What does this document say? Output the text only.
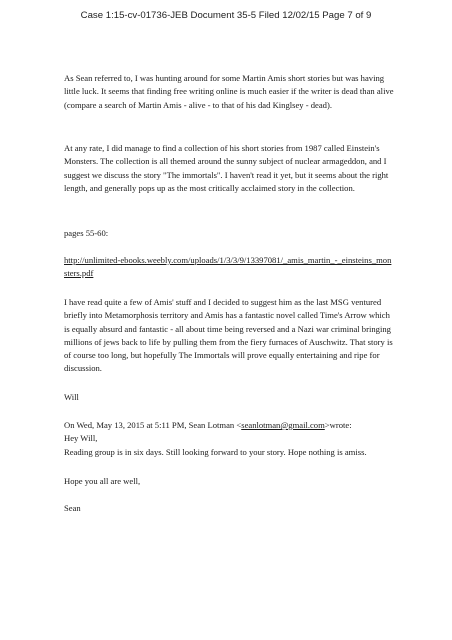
Case 1:15-cv-01736-JEB Document 35-5 Filed 12/02/15 Page 7 of 9

As Sean referred to, I was hunting around for some Martin Amis short stories but was having little luck. It seems that finding free writing online is much easier if the writer is dead than alive (compare a search of Martin Amis - alive - to that of his dad Kinglsey - dead).

At any rate, I did manage to find a collection of his short stories from 1987 called Einstein's Monsters. The collection is all themed around the sunny subject of nuclear armageddon, and I suggest we discuss the story "The immortals". I haven't read it yet, but it seems about the right length, and generally pops up as the most critically acclaimed story in the collection.

pages 55-60:

http://unlimited-ebooks.weebly.com/uploads/1/3/3/9/13397081/_amis_martin_-_einsteins_monsters.pdf

I have read quite a few of Amis' stuff and I decided to suggest him as the last MSG ventured briefly into Metamorphosis territory and Amis has a fantastic novel called Time's Arrow which is equally absurd and fantastic - all about time being reversed and a Nazi war criminal bringing millions of jews back to life by pulling them from the fiery furnaces of Auschwitz. That story is of course too long, but hopefully The Immortals will prove equally entertaining and ripe for discussion.

Will

On Wed, May 13, 2015 at 5:11 PM, Sean Lotman <seanlotman@gmail.com>wrote:

Hey Will,

Reading group is in six days. Still looking forward to your story. Hope nothing is amiss.

Hope you all are well,

Sean
